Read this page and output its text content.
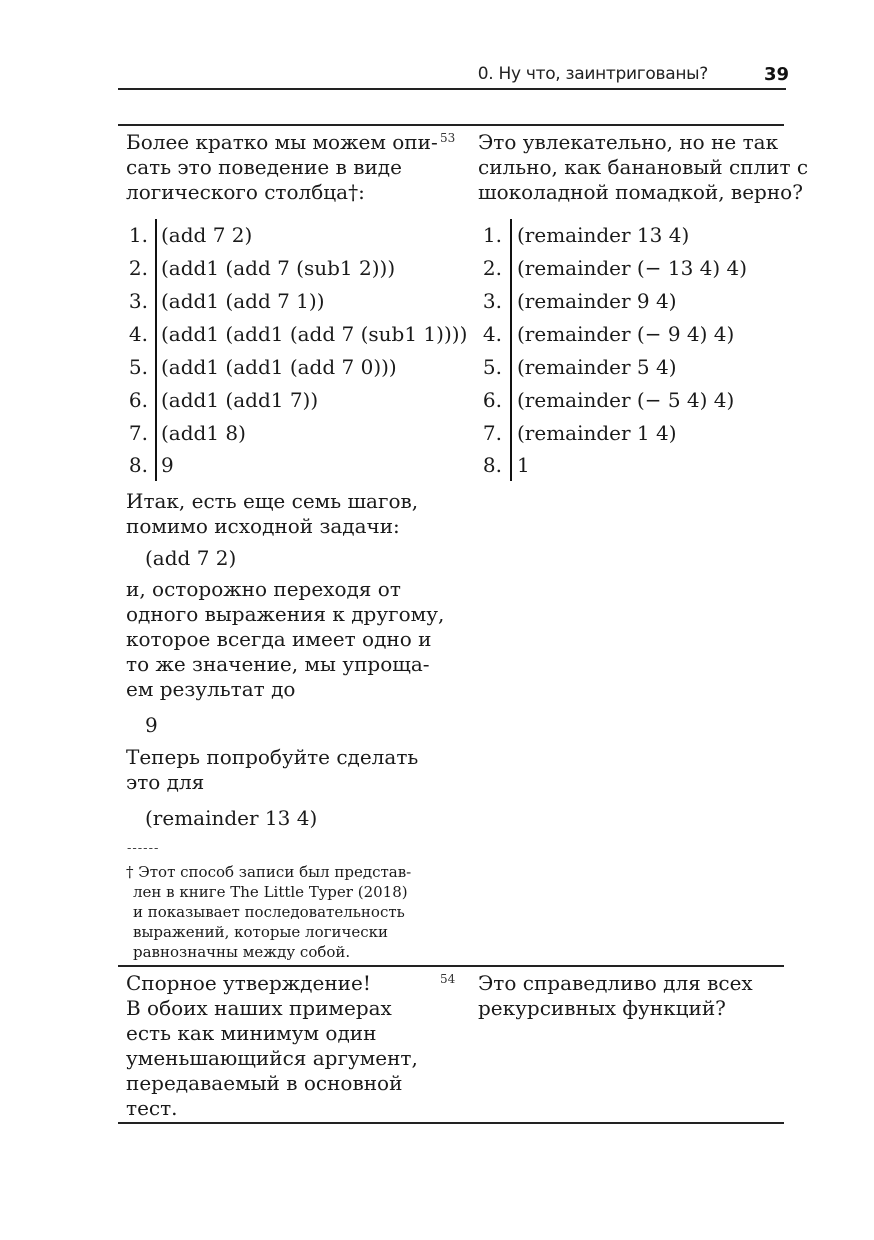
0. Ну что, заинтригованы?	39
53

Более кратко мы можем опи-
сать это поведение в виде
логического столбца†:

1. (add 7 2)
2. (add1 (add 7 (sub1 2)))
3. (add1 (add 7 1))
4. (add1 (add1 (add 7 (sub1 1))))
5. (add1 (add1 (add 7 0)))
6. (add1 (add1 7))
7. (add1 8)
8. 9

Итак, есть еще семь шагов,
помимо исходной задачи:

(add 7 2)

и, осторожно переходя от
одного выражения к другому,
которое всегда имеет одно и
то же значение, мы упроща-
ем результат до

9

Теперь попробуйте сделать
это для

(remainder 13 4)
------
† Этот способ записи был представ-
лен в книге The Little Typer (2018)
и показывает последовательность
выражений, которые логически
равнозначны между собой.

Это увлекательно, но не так
сильно, как банановый сплит с
шоколадной помадкой, верно?

1. (remainder 13 4)
2. (remainder (− 13 4) 4)
3. (remainder 9 4)
4. (remainder (− 9 4) 4)
5. (remainder 5 4)
6. (remainder (− 5 4) 4)
7. (remainder 1 4)
8. 1
54

Спорное утверждение!
В обоих наших примерах
есть как минимум один
уменьшающийся аргумент,
передаваемый в основной
тест.

Это справедливо для всех
рекурсивных функций?
